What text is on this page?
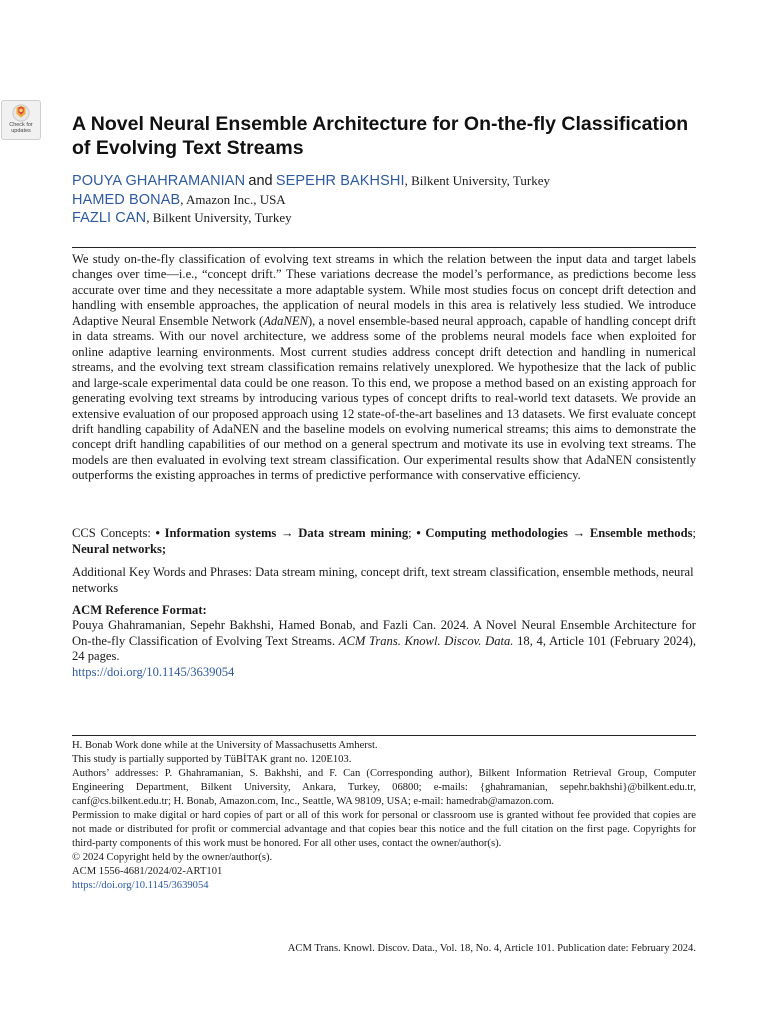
Check for
updates	A Novel Neural Ensemble Architecture for On-the-fly Classification of Evolving Text Streams
POUYA GHAHRAMANIAN and SEPEHR BAKHSHI, Bilkent University, Turkey
HAMED BONAB, Amazon Inc., USA
FAZLI CAN, Bilkent University, Turkey

We study on-the-fly classification of evolving text streams in which the relation between the input data and target labels changes over time—i.e., “concept drift.” These variations decrease the model’s performance, as predictions become less accurate over time and they necessitate a more adaptable system. While most studies focus on concept drift detection and handling with ensemble approaches, the application of neural models in this area is relatively less studied. We introduce Adaptive Neural Ensemble Network (AdaNEN), a novel ensemble-based neural approach, capable of handling concept drift in data streams. With our novel architecture, we address some of the problems neural models face when exploited for online adaptive learning environments. Most current studies address concept drift detection and handling in numerical streams, and the evolving text stream classification remains relatively unexplored. We hypothesize that the lack of public and large-scale experimental data could be one reason. To this end, we propose a method based on an existing approach for generating evolving text streams by introducing various types of concept drifts to real-world text datasets. We provide an extensive evaluation of our proposed approach using 12 state-of-the-art baselines and 13 datasets. We first evaluate concept drift handling capability of AdaNEN and the baseline models on evolving numerical streams; this aims to demonstrate the concept drift handling capabilities of our method on a general spectrum and motivate its use in evolving text streams. The models are then evaluated in evolving text stream classification. Our experimental results show that AdaNEN consistently outperforms the existing approaches in terms of predictive performance with conservative efficiency.

CCS Concepts: • Information systems → Data stream mining; • Computing methodologies → Ensemble methods; Neural networks;
Additional Key Words and Phrases: Data stream mining, concept drift, text stream classification, ensemble methods, neural networks
ACM Reference Format:
Pouya Ghahramanian, Sepehr Bakhshi, Hamed Bonab, and Fazli Can. 2024. A Novel Neural Ensemble Architecture for On-the-fly Classification of Evolving Text Streams. ACM Trans. Knowl. Discov. Data. 18, 4, Article 101 (February 2024), 24 pages.
https://doi.org/10.1145/3639054

H. Bonab Work done while at the University of Massachusetts Amherst.

This study is partially supported by TüBİTAK grant no. 120E103.

Authors’ addresses: P. Ghahramanian, S. Bakhshi, and F. Can (Corresponding author), Bilkent Information Retrieval Group, Computer Engineering Department, Bilkent University, Ankara, Turkey, 06800; e-mails: {ghahramanian, sepehr.bakhshi}@bilkent.edu.tr, canf@cs.bilkent.edu.tr; H. Bonab, Amazon.com, Inc., Seattle, WA 98109, USA; e-mail: hamedrab@amazon.com.

Permission to make digital or hard copies of part or all of this work for personal or classroom use is granted without fee provided that copies are not made or distributed for profit or commercial advantage and that copies bear this notice and the full citation on the first page. Copyrights for third-party components of this work must be honored. For all other uses, contact the owner/author(s).

© 2024 Copyright held by the owner/author(s).

ACM 1556-4681/2024/02-ART101

https://doi.org/10.1145/3639054

ACM Trans. Knowl. Discov. Data., Vol. 18, No. 4, Article 101. Publication date: February 2024.
